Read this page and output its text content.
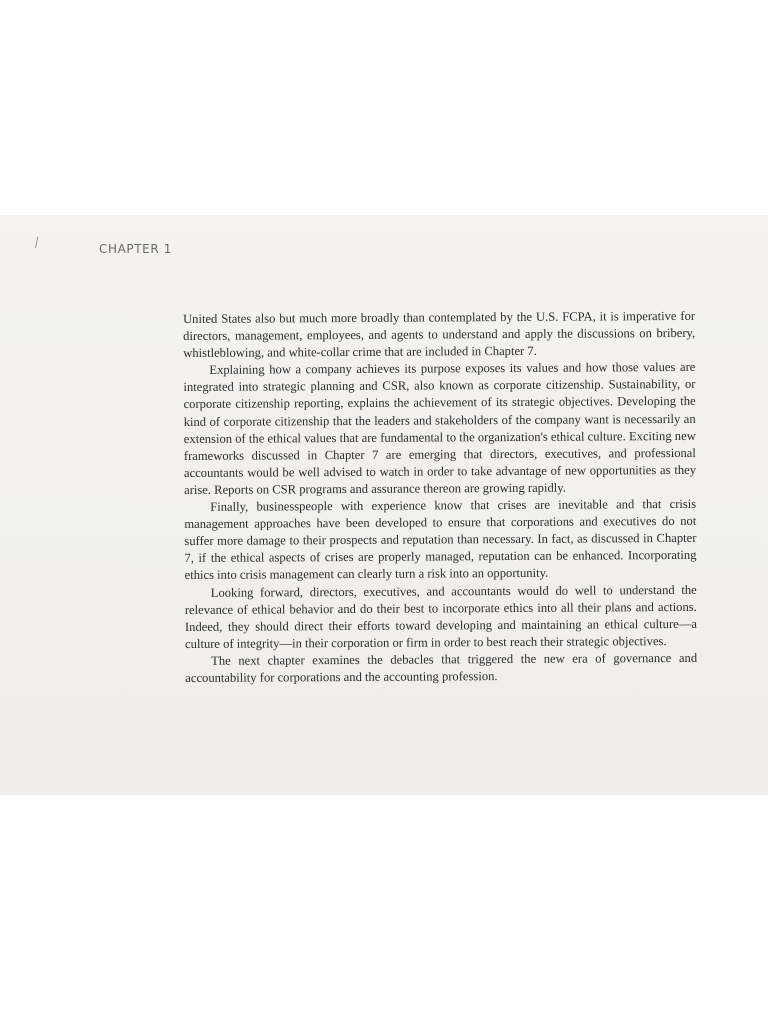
⁄	CHAPTER 1

United States also but much more broadly than contemplated by the U.S. FCPA, it is imperative for directors, management, employees, and agents to understand and apply the discussions on bribery, whistleblowing, and white-collar crime that are included in Chapter 7.

Explaining how a company achieves its purpose exposes its values and how those values are integrated into strategic planning and CSR, also known as corporate citizenship. Sustainability, or corporate citizenship reporting, explains the achievement of its strategic objectives. Developing the kind of corporate citizenship that the leaders and stakeholders of the company want is necessarily an extension of the ethical values that are fundamental to the organization's ethical culture. Exciting new frameworks discussed in Chapter 7 are emerging that directors, executives, and professional accountants would be well advised to watch in order to take advantage of new opportunities as they arise. Reports on CSR programs and assurance thereon are growing rapidly.

Finally, businesspeople with experience know that crises are inevitable and that crisis management approaches have been developed to ensure that corporations and executives do not suffer more damage to their prospects and reputation than necessary. In fact, as discussed in Chapter 7, if the ethical aspects of crises are properly managed, reputation can be enhanced. Incorporating ethics into crisis management can clearly turn a risk into an opportunity.

Looking forward, directors, executives, and accountants would do well to understand the relevance of ethical behavior and do their best to incorporate ethics into all their plans and actions. Indeed, they should direct their efforts toward developing and maintaining an ethical culture—a culture of integrity—in their corporation or firm in order to best reach their strategic objectives.

The next chapter examines the debacles that triggered the new era of governance and accountability for corporations and the accounting profession.
